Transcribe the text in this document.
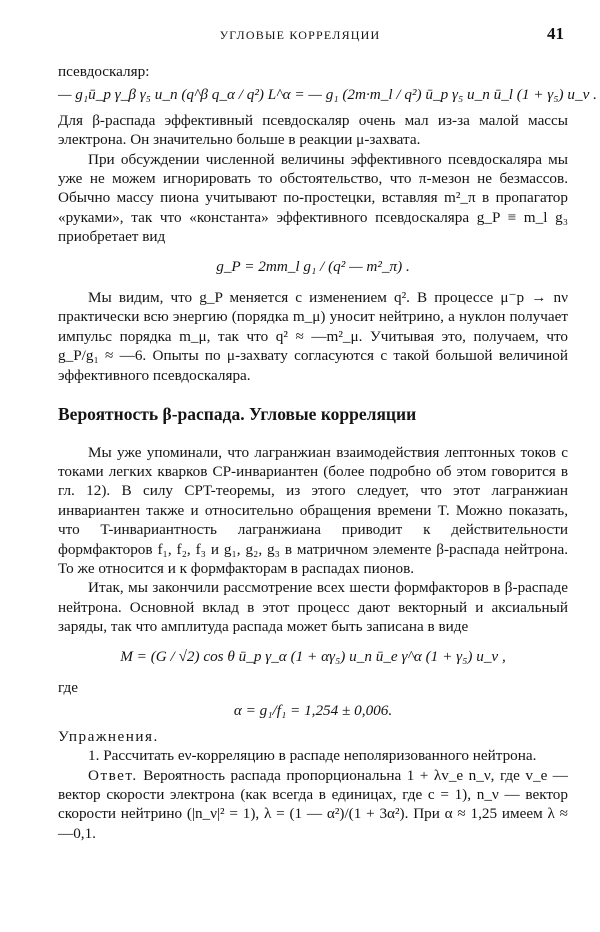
УГЛОВЫЕ КОРРЕЛЯЦИИ	41

псевдоскаляр:

— g₁ū_p γ_β γ₅ u_n (q^β q_α / q²) L^α = — g₁ (2m·m_l / q²) ū_p γ₅ u_n ū_l (1 + γ₅) u_ν .

Для β-распада эффективный псевдоскаляр очень мал из-за малой массы электрона. Он значительно больше в реакции μ-захвата.

При обсуждении численной величины эффективного псевдоскаляра мы уже не можем игнорировать то обстоятельство, что π-мезон не безмассов. Обычно массу пиона учитывают по-простецки, вставляя m²_π в пропагатор «руками», так что «константа» эффективного псевдоскаляра g_P ≡ m_l g₃ приобретает вид

g_P = 2mm_l g₁ / (q² — m²_π) .

Мы видим, что g_P меняется с изменением q². В процессе μ⁻p → nν практически всю энергию (порядка m_μ) уносит нейтрино, а нуклон получает импульс порядка m_μ, так что q² ≈ —m²_μ. Учитывая это, получаем, что g_P/g₁ ≈ —6. Опыты по μ-захвату согласуются с такой большой величиной эффективного псевдоскаляра.

Вероятность β-распада. Угловые корреляции

Мы уже упоминали, что лагранжиан взаимодействия лептонных токов с токами легких кварков CP-инвариантен (более подробно об этом говорится в гл. 12). В силу CPT-теоремы, из этого следует, что этот лагранжиан инвариантен также и относительно обращения времени T. Можно показать, что T-инвариантность лагранжиана приводит к действительности формфакторов f₁, f₂, f₃ и g₁, g₂, g₃ в матричном элементе β-распада нейтрона. То же относится и к формфакторам в распадах пионов.

Итак, мы закончили рассмотрение всех шести формфакторов в β-распаде нейтрона. Основной вклад в этот процесс дают векторный и аксиальный заряды, так что амплитуда распада может быть записана в виде

M = (G / √2) cos θ ū_p γ_α (1 + αγ₅) u_n ū_e γ^α (1 + γ₅) u_ν ,

где

α = g₁/f₁ = 1,254 ± 0,006.

Упражнения.

1. Рассчитать eν-корреляцию в распаде неполяризованного нейтрона.

Ответ. Вероятность распада пропорциональна 1 + λv_e n_ν, где v_e — вектор скорости электрона (как всегда в единицах, где c = 1), n_ν — вектор скорости нейтрино (|n_ν|² = 1), λ = (1 — α²)/(1 + 3α²). При α ≈ 1,25 имеем λ ≈ —0,1.
